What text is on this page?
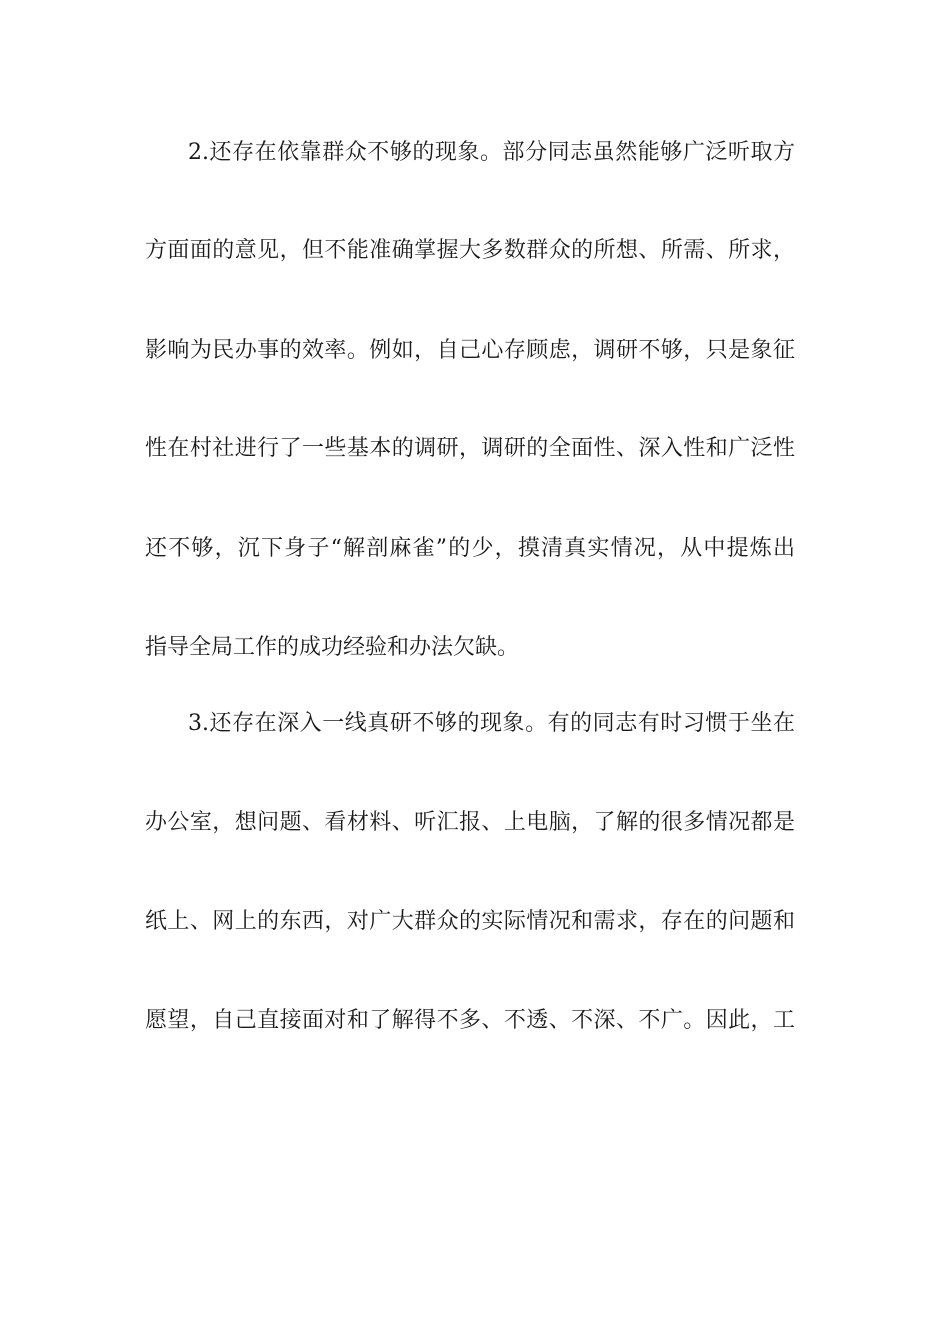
2.还存在依靠群众不够的现象。部分同志虽然能够广泛听取方
方面面的意见，但不能准确掌握大多数群众的所想、所需、所求，
影响为民办事的效率。例如，自己心存顾虑，调研不够，只是象征
性在村社进行了一些基本的调研，调研的全面性、深入性和广泛性
还不够，沉下身子“解剖麻雀”的少，摸清真实情况，从中提炼出
指导全局工作的成功经验和办法欠缺。
3.还存在深入一线真研不够的现象。有的同志有时习惯于坐在
办公室，想问题、看材料、听汇报、上电脑，了解的很多情况都是
纸上、网上的东西，对广大群众的实际情况和需求，存在的问题和
愿望，自己直接面对和了解得不多、不透、不深、不广。因此，工
